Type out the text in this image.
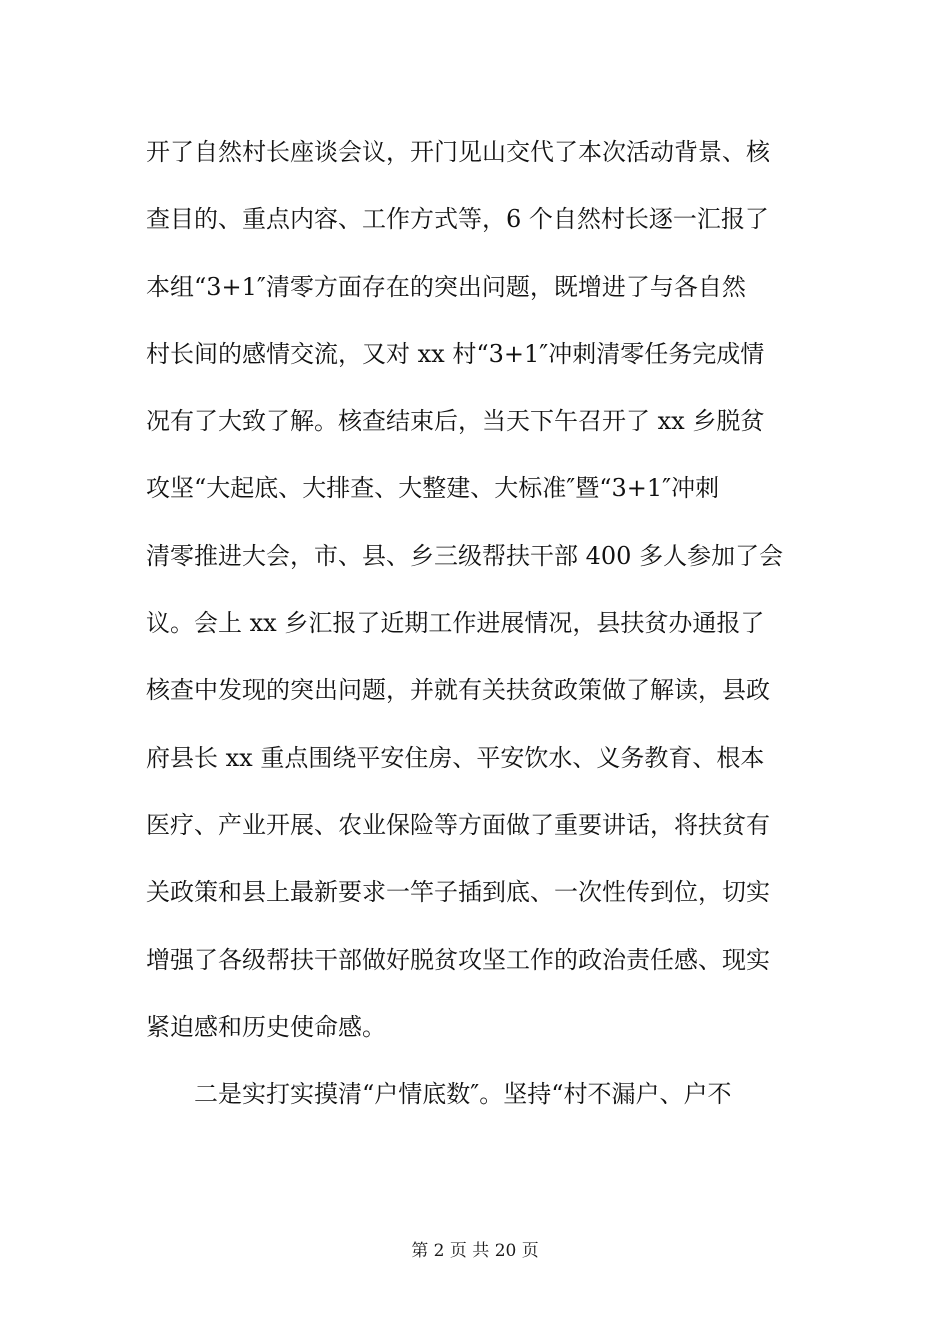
开了自然村长座谈会议，开门见山交代了本次活动背景、核

查目的、重点内容、工作方式等，6 个自然村长逐一汇报了

本组“3+1″清零方面存在的突出问题，既增进了与各自然

村长间的感情交流，又对 xx 村“3+1″冲刺清零任务完成情

况有了大致了解。核查结束后，当天下午召开了 xx 乡脱贫

攻坚“大起底、大排查、大整建、大标准″暨“3+1″冲刺

清零推进大会，市、县、乡三级帮扶干部 400 多人参加了会

议。会上 xx 乡汇报了近期工作进展情况，县扶贫办通报了

核查中发现的突出问题，并就有关扶贫政策做了解读，县政

府县长 xx 重点围绕平安住房、平安饮水、义务教育、根本

医疗、产业开展、农业保险等方面做了重要讲话，将扶贫有

关政策和县上最新要求一竿子插到底、一次性传到位，切实

增强了各级帮扶干部做好脱贫攻坚工作的政治责任感、现实

紧迫感和历史使命感。

　　二是实打实摸清“户情底数″。坚持“村不漏户、户不

第 2 页 共 20 页
